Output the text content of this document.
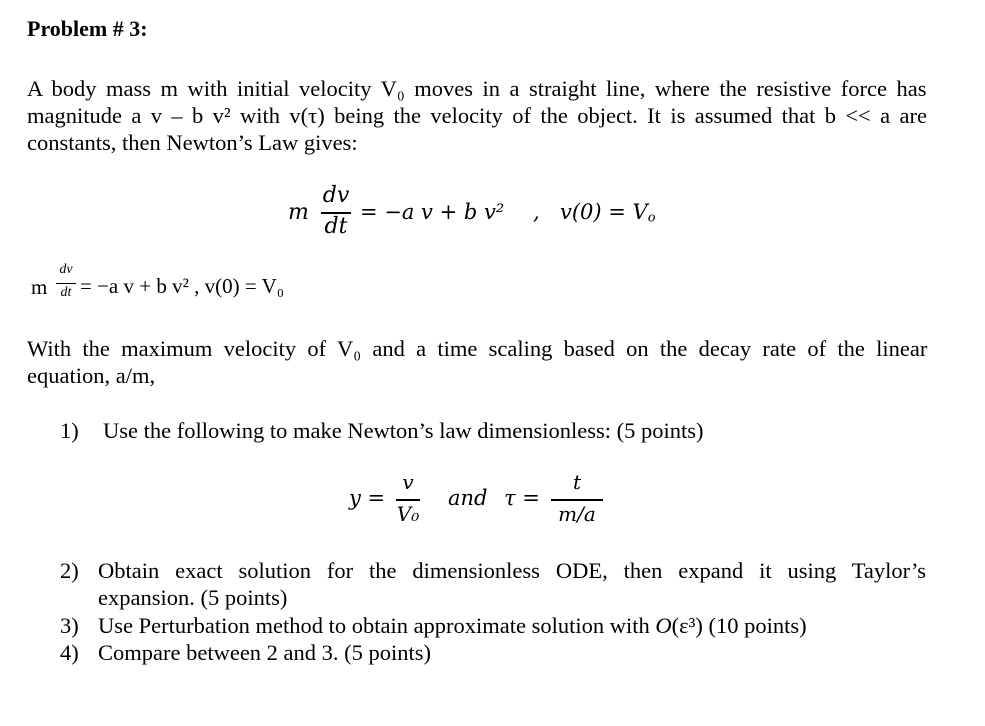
Problem # 3:
A body mass m with initial velocity V₀ moves in a straight line, where the resistive force has
magnitude a v – b v² with v(τ) being the velocity of the object. It is assumed that b << a are
constants, then Newton’s Law gives:
m
dv
dt
= −a v + b v² , $v(0) = V_o$
m
dv
dt = −a v + b v² , v(0) = V₀
With the maximum velocity of V₀ and a time scaling based on the decay rate of the linear
equation, a/m,
1) Use the following to make Newton’s law dimensionless: (5 points)
y =
v
V₀
and τ =
t
m/a
2) Obtain exact solution for the dimensionless ODE, then expand it using Taylor’s
expansion. (5 points)
3) Use Perturbation method to obtain approximate solution with O(ε³) (10 points)
4) Compare between 2 and 3. (5 points)
